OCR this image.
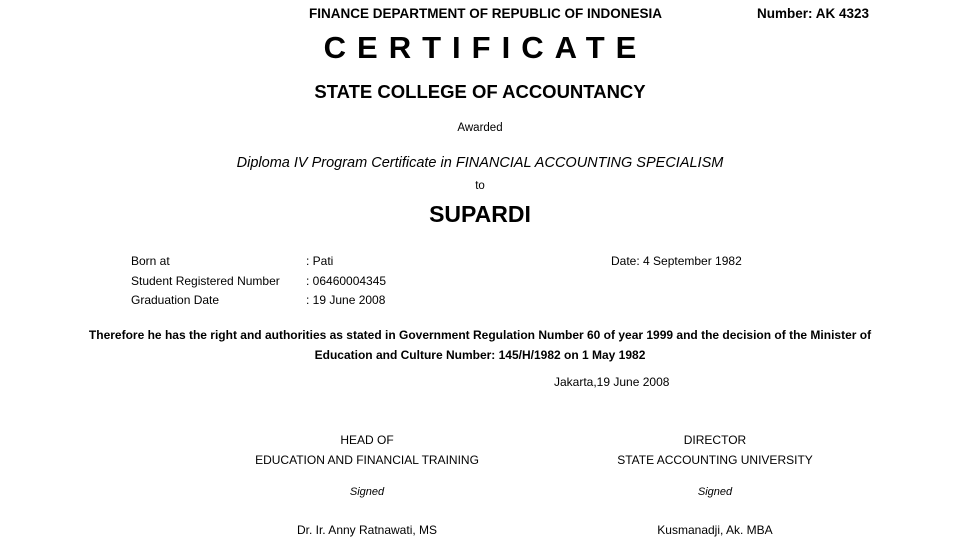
FINANCE DEPARTMENT OF REPUBLIC OF INDONESIA	Number: AK 4323
CERTIFICATE
STATE COLLEGE OF ACCOUNTANCY
Awarded
Diploma IV Program Certificate in FINANCIAL ACCOUNTING SPECIALISM
to
SUPARDI
Born at	: Pati	Date: 4 September 1982
Student Registered Number : 06460004345
Graduation Date	: 19 June 2008
Therefore he has the right and authorities as stated in Government Regulation Number 60 of year 1999 and the decision of the Minister of Education and Culture Number: 145/H/1982 on 1 May 1982
Jakarta,19 June 2008
HEAD OF
EDUCATION AND FINANCIAL TRAINING
Signed
Dr. Ir. Anny Ratnawati, MS
DIRECTOR
STATE ACCOUNTING UNIVERSITY
Signed
Kusmanadji, Ak. MBA
